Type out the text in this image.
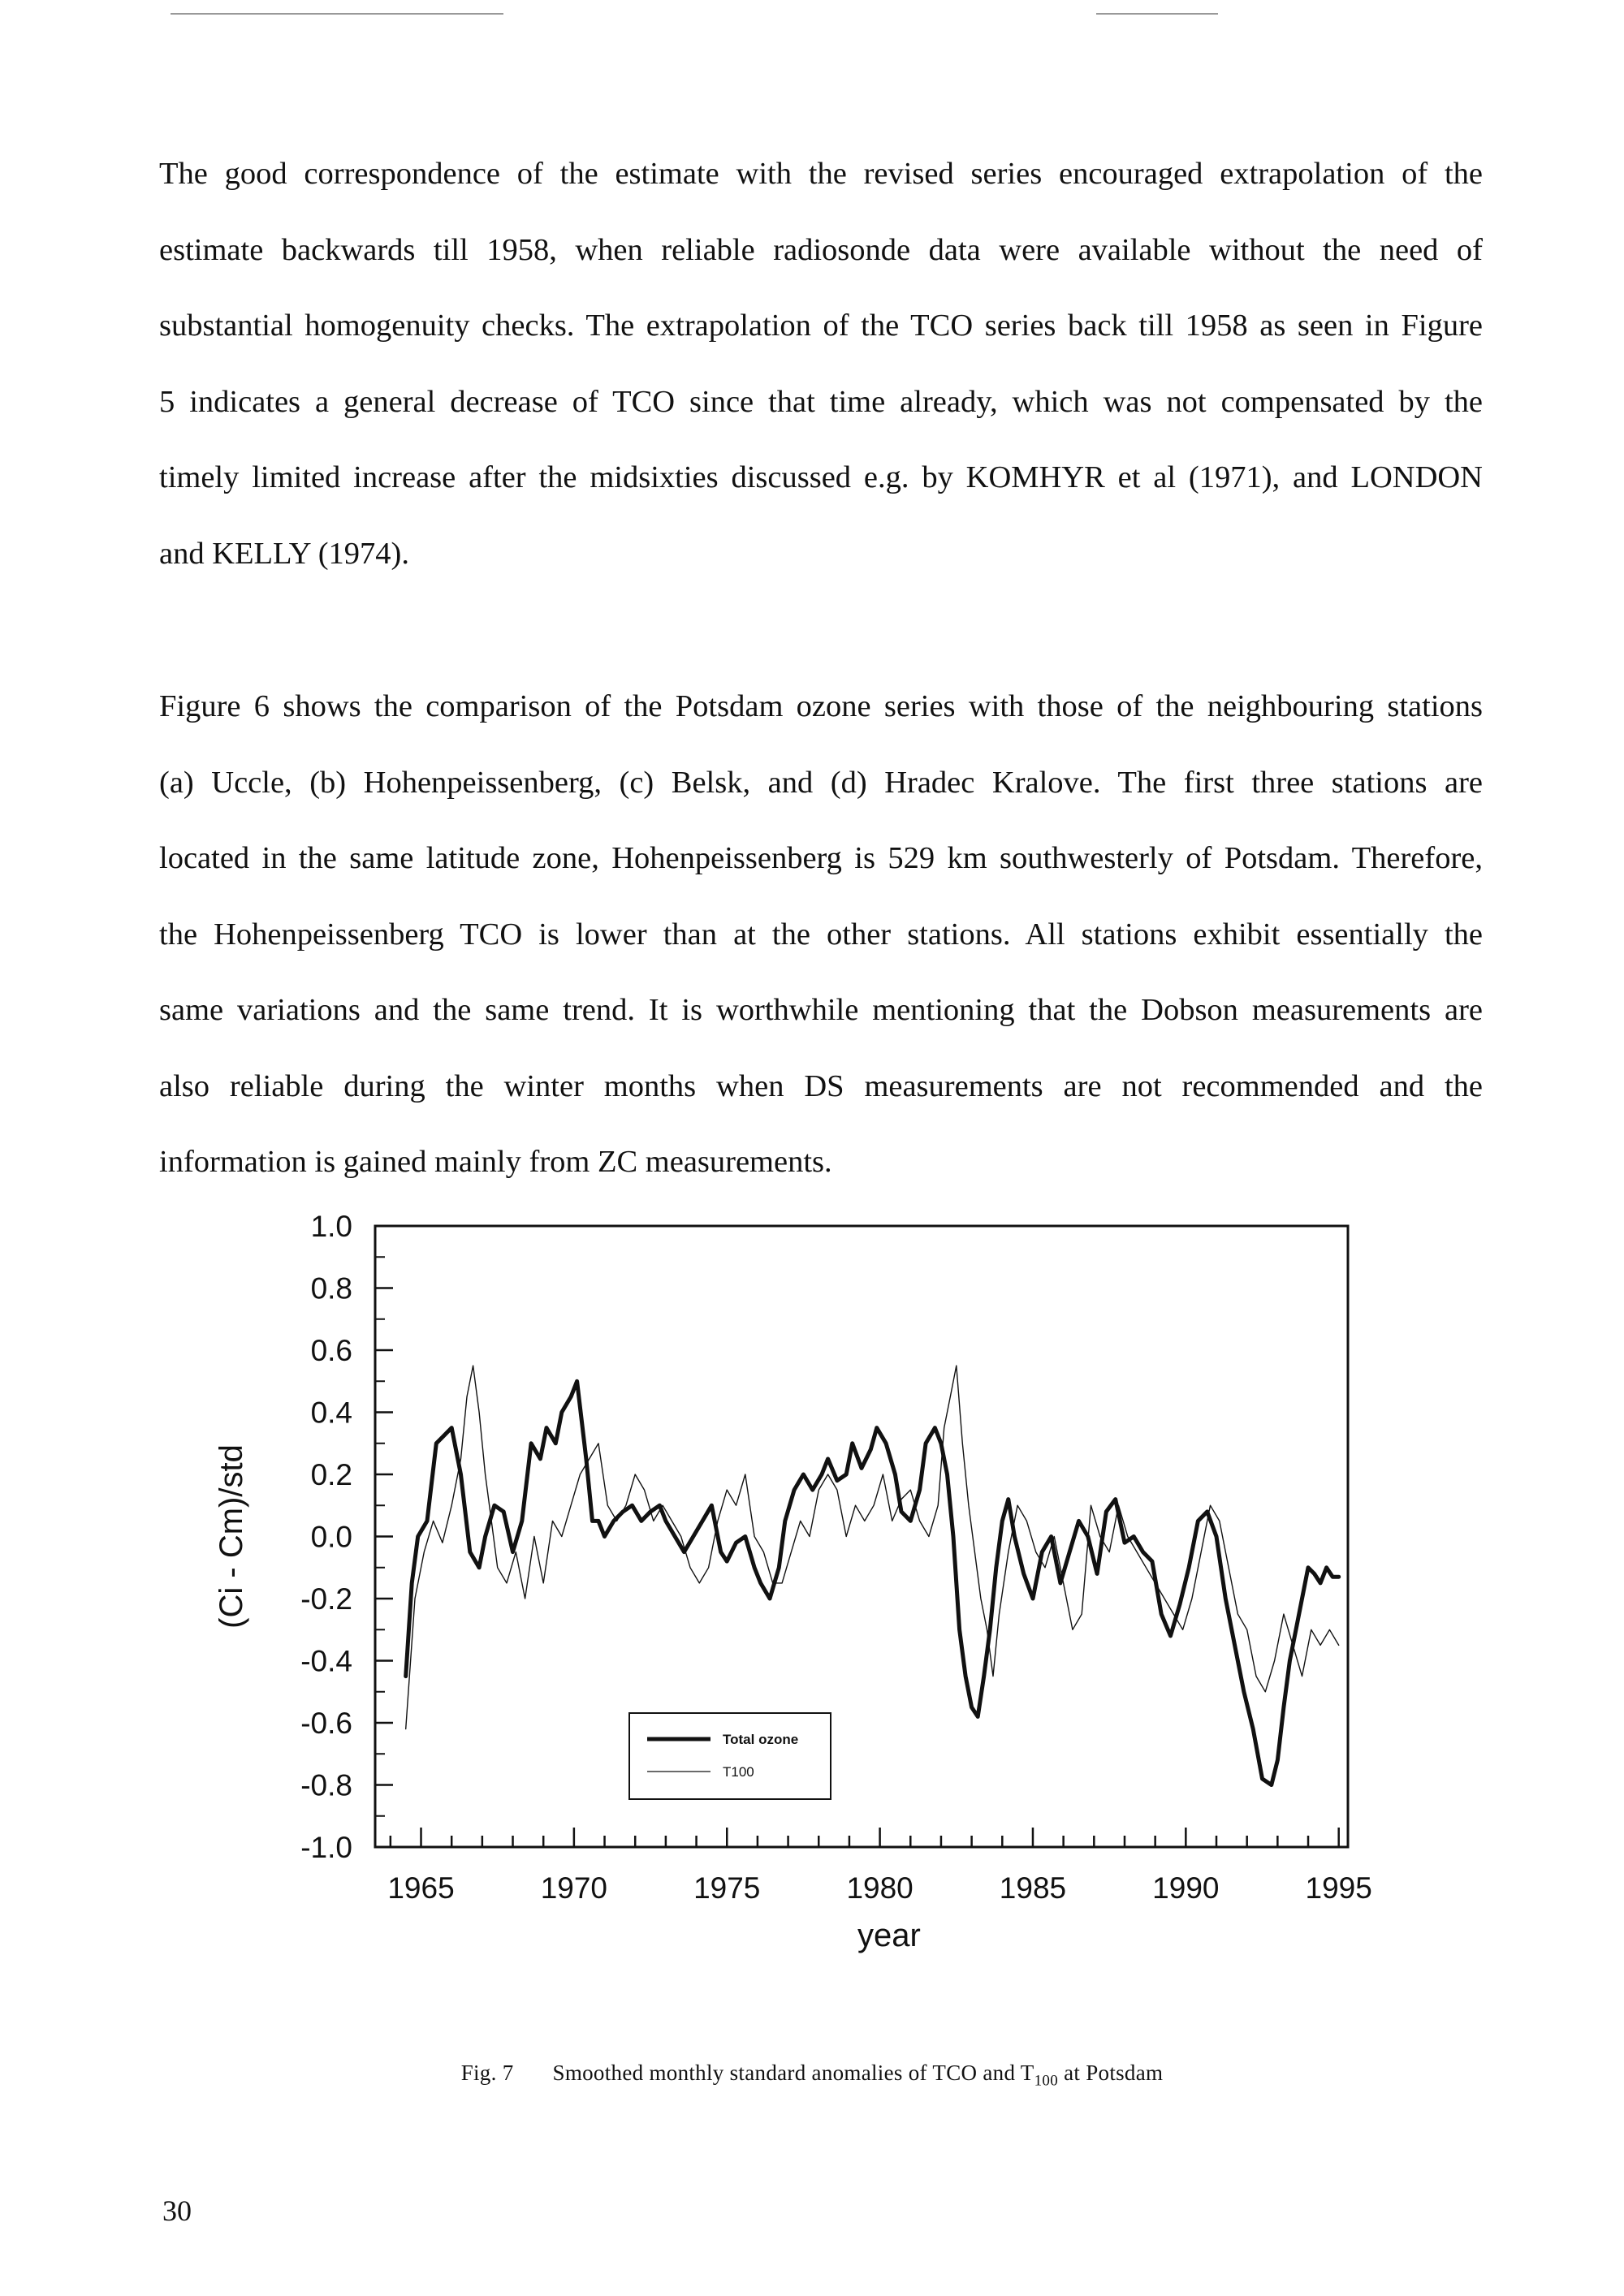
The good correspondence of the estimate with the revised series encouraged extrapolation of the
estimate backwards till 1958, when reliable radiosonde data were available without the need of
substantial homogenuity checks. The extrapolation of the TCO series back till 1958 as seen in Figure
5 indicates a general decrease of TCO since that time already, which was not compensated by the
timely limited increase after the midsixties discussed e.g. by KOMHYR et al (1971), and LONDON
and KELLY (1974).
Figure 6 shows the comparison of the Potsdam ozone series with those of the neighbouring stations
(a) Uccle, (b) Hohenpeissenberg, (c) Belsk, and (d) Hradec Kralove. The first three stations are
located in the same latitude zone, Hohenpeissenberg is 529 km southwesterly of Potsdam. Therefore,
the Hohenpeissenberg TCO is lower than at the other stations. All stations exhibit essentially the
same variations and the same trend. It is worthwhile mentioning that the Dobson measurements are
also reliable during the winter months when DS measurements are not recommended and the
information is gained mainly from ZC measurements.
1.0
0.8
0.6
0.4
0.2
0.0
-0.2
-0.4
-0.6
-0.8
-1.0
1965	1970	1975	1980	1985	1990	1995
year
(Ci - Cm)/std
Total ozone
T100
Fig. 7 Smoothed monthly standard anomalies of TCO and $T_{100}$ at Potsdam
30
